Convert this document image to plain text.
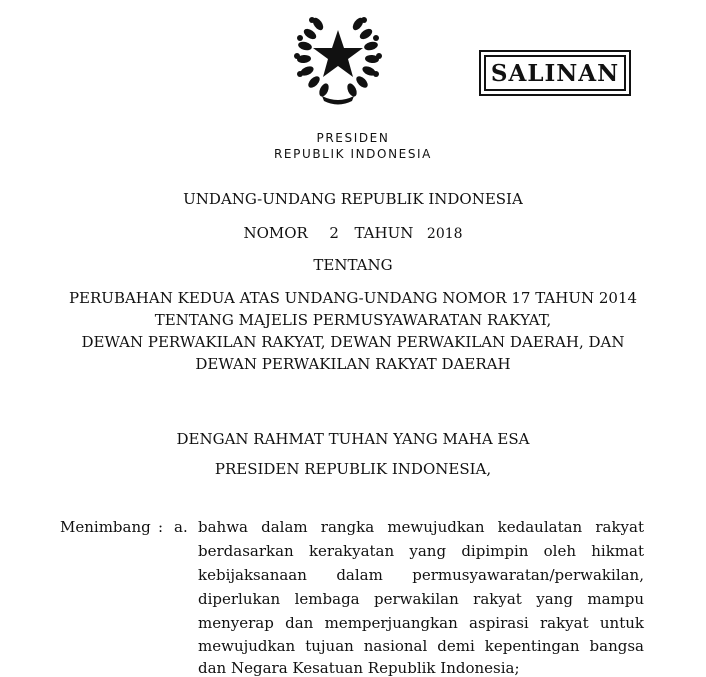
SALINAN
PRESIDEN
REPUBLIK INDONESIA
UNDANG-UNDANG REPUBLIK INDONESIA
NOMOR 2 TAHUN 2018
TENTANG
PERUBAHAN KEDUA ATAS UNDANG-UNDANG NOMOR 17 TAHUN 2014
TENTANG MAJELIS PERMUSYAWARATAN RAKYAT,
DEWAN PERWAKILAN RAKYAT, DEWAN PERWAKILAN DAERAH, DAN
DEWAN PERWAKILAN RAKYAT DAERAH
DENGAN RAHMAT TUHAN YANG MAHA ESA
PRESIDEN REPUBLIK INDONESIA,
Menimbang : a. bahwa dalam rangka mewujudkan kedaulatan rakyat
berdasarkan kerakyatan yang dipimpin oleh hikmat
kebijaksanaan dalam permusyawaratan/perwakilan,
diperlukan lembaga perwakilan rakyat yang mampu
menyerap dan memperjuangkan aspirasi rakyat untuk
mewujudkan tujuan nasional demi kepentingan bangsa
dan Negara Kesatuan Republik Indonesia;
